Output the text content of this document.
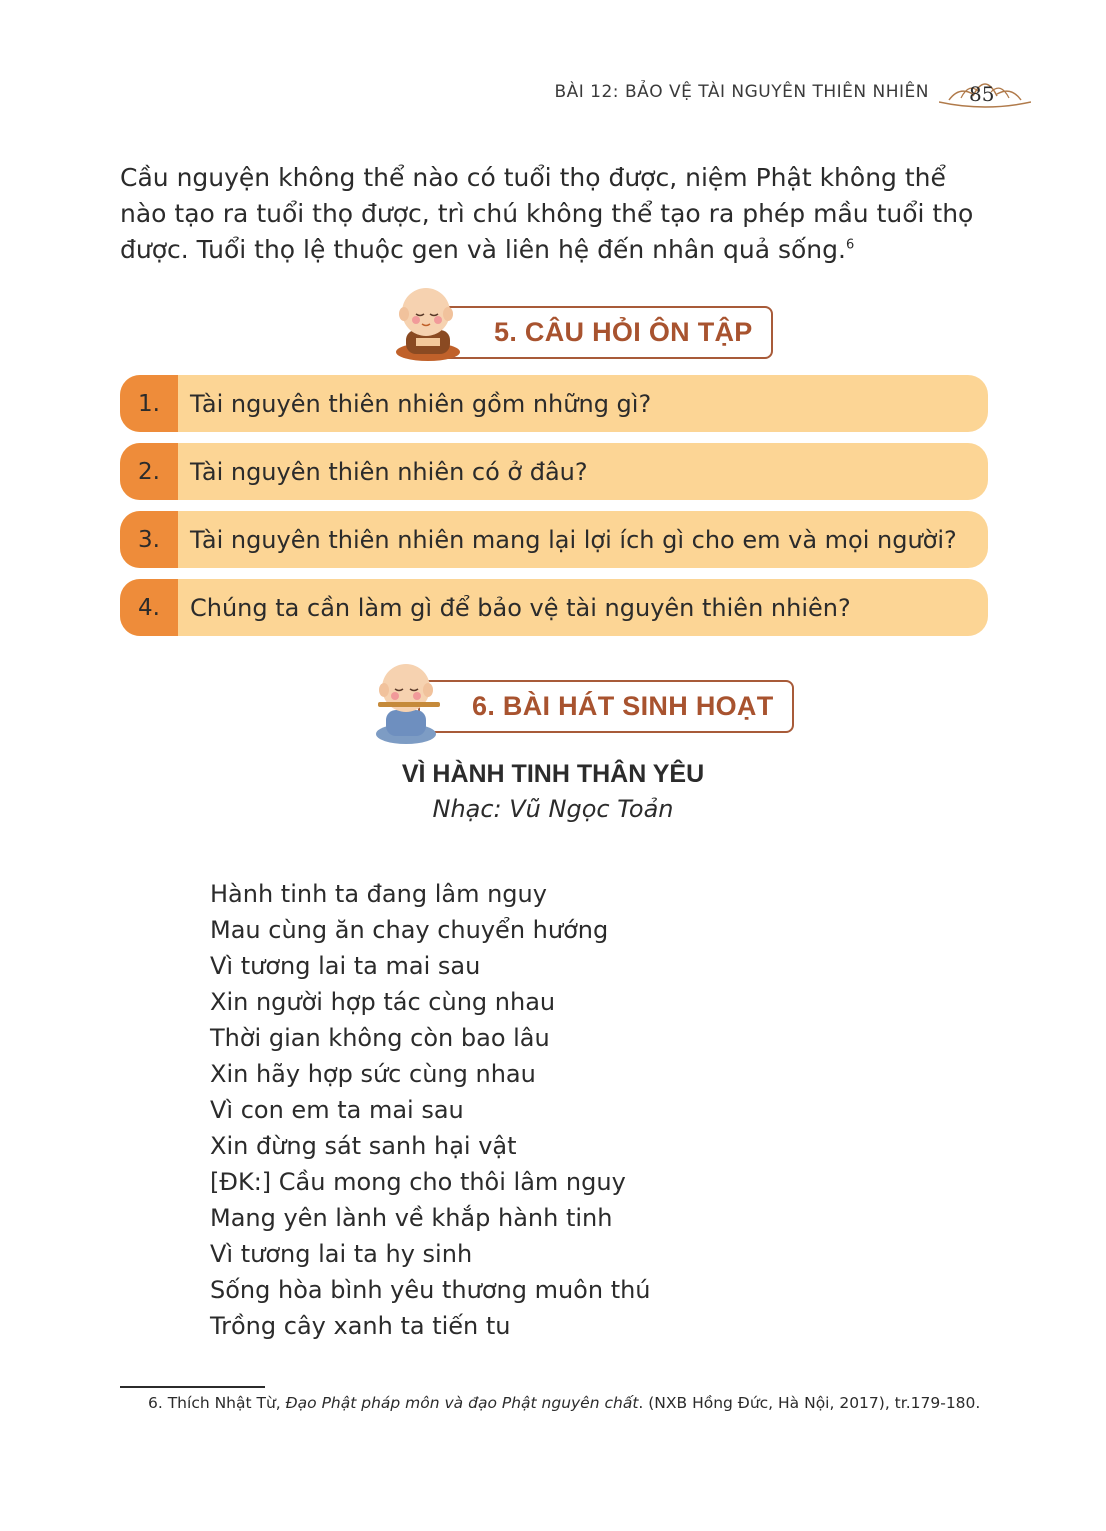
BÀI 12: BẢO VỆ TÀI NGUYÊN THIÊN NHIÊN 85
Cầu nguyện không thể nào có tuổi thọ được, niệm Phật không thể nào tạo ra tuổi thọ được, trì chú không thể tạo ra phép mầu tuổi thọ được. Tuổi thọ lệ thuộc gen và liên hệ đến nhân quả sống.$^6$
5. CÂU HỎI ÔN TẬP
1.	Tài nguyên thiên nhiên gồm những gì?
2.	Tài nguyên thiên nhiên có ở đâu?
3.	Tài nguyên thiên nhiên mang lại lợi ích gì cho em và mọi người?
4.	Chúng ta cần làm gì để bảo vệ tài nguyên thiên nhiên?
6. BÀI HÁT SINH HOẠT
VÌ HÀNH TINH THÂN YÊU
Nhạc: Vũ Ngọc Toản
Hành tinh ta đang lâm nguy
Mau cùng ăn chay chuyển hướng
Vì tương lai ta mai sau
Xin người hợp tác cùng nhau
Thời gian không còn bao lâu
Xin hãy hợp sức cùng nhau
Vì con em ta mai sau
Xin đừng sát sanh hại vật
[ĐK:] Cầu mong cho thôi lâm nguy
Mang yên lành về khắp hành tinh
Vì tương lai ta hy sinh
Sống hòa bình yêu thương muôn thú
Trồng cây xanh ta tiến tu
6. Thích Nhật Từ, Đạo Phật pháp môn và đạo Phật nguyên chất. (NXB Hồng Đức, Hà Nội, 2017), tr.179-180.
